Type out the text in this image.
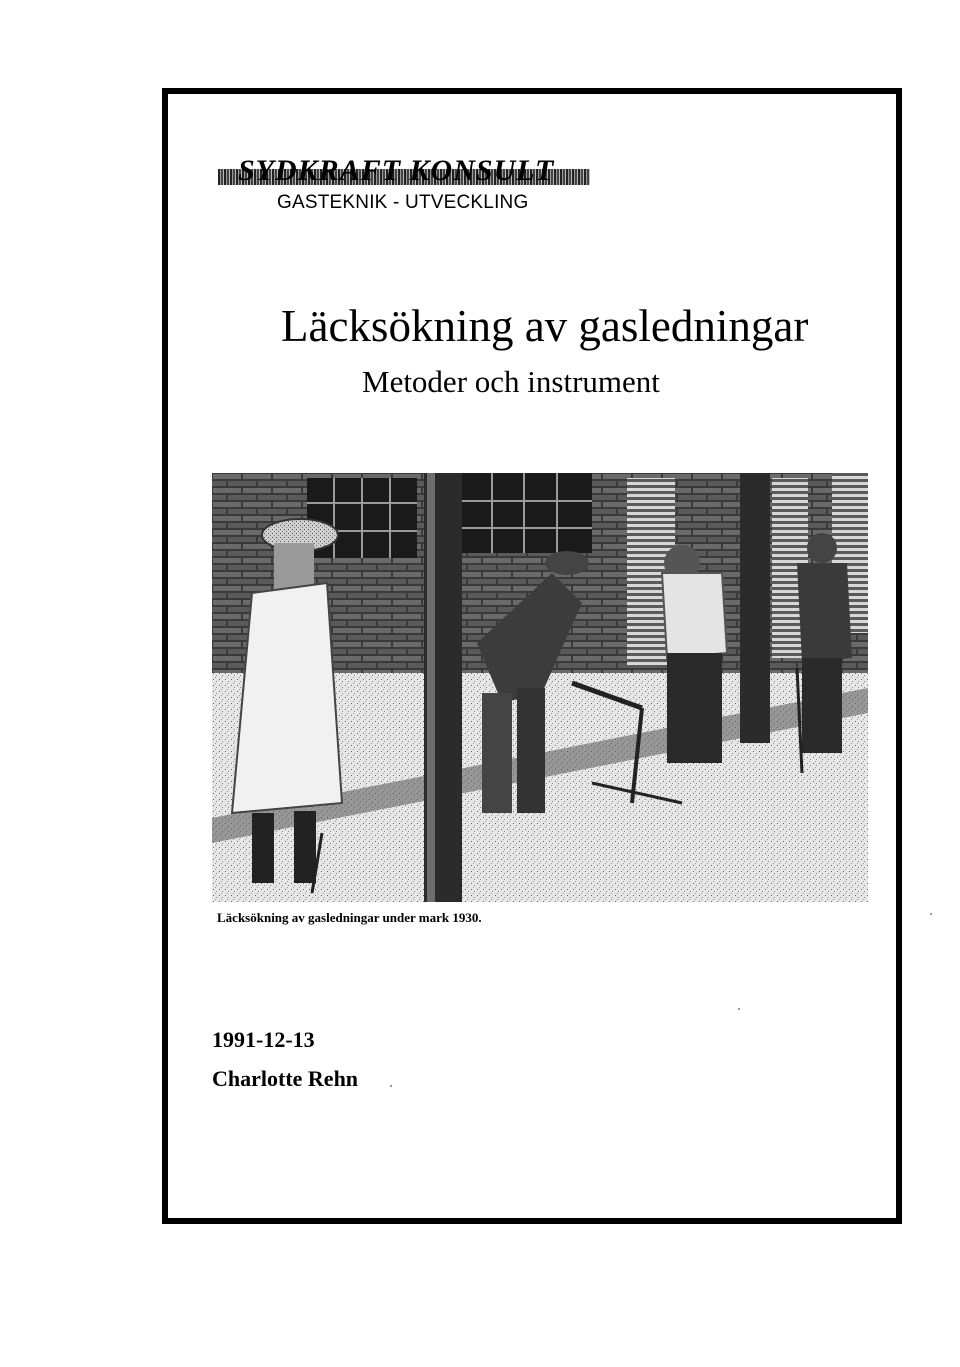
SYDKRAFT KONSULT
GASTEKNIK - UTVECKLING
Läcksökning av gasledningar
Metoder och instrument
Läcksökning av gasledningar under mark 1930.
1991-12-13
Charlotte Rehn
